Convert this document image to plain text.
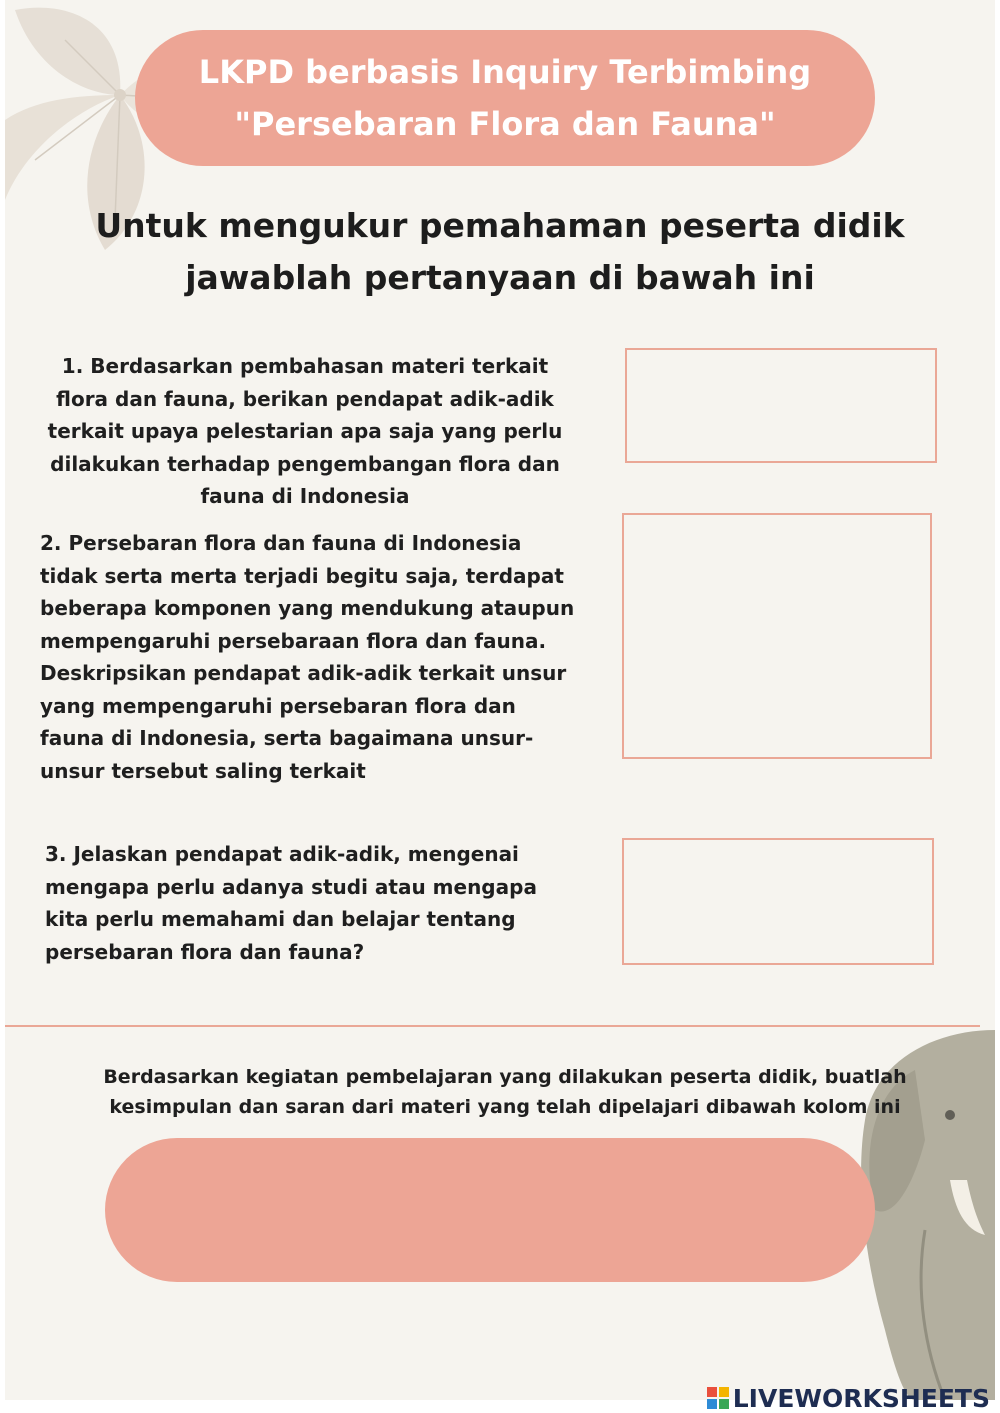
LKPD berbasis Inquiry Terbimbing
"Persebaran Flora dan Fauna"
Untuk mengukur pemahaman peserta didik
jawablah pertanyaan di bawah ini
1. Berdasarkan pembahasan materi terkait
flora dan fauna, berikan pendapat adik-adik
terkait upaya pelestarian apa saja yang perlu
dilakukan terhadap pengembangan flora dan
fauna di Indonesia
2. Persebaran flora dan fauna di Indonesia
tidak serta merta terjadi begitu saja, terdapat
beberapa komponen yang mendukung ataupun
mempengaruhi persebaraan flora dan fauna.
Deskripsikan pendapat adik-adik terkait unsur
yang mempengaruhi persebaran flora dan
fauna di Indonesia, serta bagaimana unsur-
unsur tersebut saling terkait
3. Jelaskan pendapat adik-adik, mengenai
mengapa perlu adanya studi atau mengapa
kita perlu memahami dan belajar tentang
persebaran flora dan fauna?
Berdasarkan kegiatan pembelajaran yang dilakukan peserta didik, buatlah
kesimpulan dan saran dari materi yang telah dipelajari dibawah kolom ini
LIVEWORKSHEETS
